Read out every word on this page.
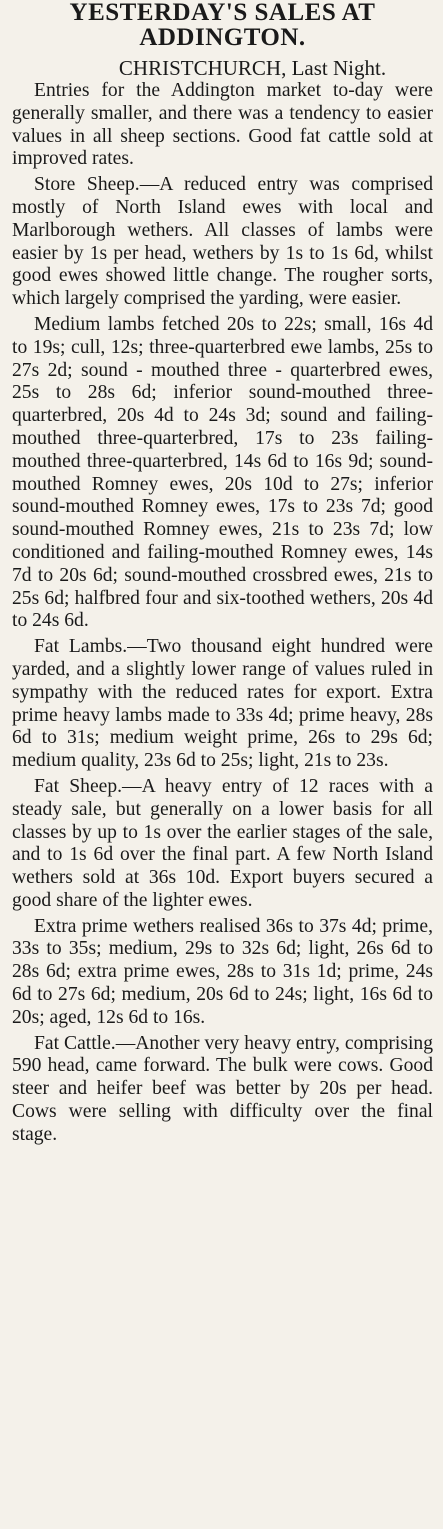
YESTERDAY'S SALES AT ADDINGTON.

CHRISTCHURCH, Last Night.

Entries for the Addington market to-day were generally smaller, and there was a tendency to easier values in all sheep sections. Good fat cattle sold at improved rates.

Store Sheep.—A reduced entry was comprised mostly of North Island ewes with local and Marlborough wethers. All classes of lambs were easier by 1s per head, wethers by 1s to 1s 6d, whilst good ewes showed little change. The rougher sorts, which largely comprised the yarding, were easier.

Medium lambs fetched 20s to 22s; small, 16s 4d to 19s; cull, 12s; three-quarterbred ewe lambs, 25s to 27s 2d; sound - mouthed three - quarterbred ewes, 25s to 28s 6d; inferior sound-mouthed three-quarterbred, 20s 4d to 24s 3d; sound and failing-mouthed three-quarterbred, 17s to 23s failing-mouthed three-quarterbred, 14s 6d to 16s 9d; sound-mouthed Romney ewes, 20s 10d to 27s; inferior sound-mouthed Romney ewes, 17s to 23s 7d; good sound-mouthed Romney ewes, 21s to 23s 7d; low conditioned and failing-mouthed Romney ewes, 14s 7d to 20s 6d; sound-mouthed crossbred ewes, 21s to 25s 6d; halfbred four and six-toothed wethers, 20s 4d to 24s 6d.

Fat Lambs.—Two thousand eight hundred were yarded, and a slightly lower range of values ruled in sympathy with the reduced rates for export. Extra prime heavy lambs made to 33s 4d; prime heavy, 28s 6d to 31s; medium weight prime, 26s to 29s 6d; medium quality, 23s 6d to 25s; light, 21s to 23s.

Fat Sheep.—A heavy entry of 12 races with a steady sale, but generally on a lower basis for all classes by up to 1s over the earlier stages of the sale, and to 1s 6d over the final part. A few North Island wethers sold at 36s 10d. Export buyers secured a good share of the lighter ewes.

Extra prime wethers realised 36s to 37s 4d; prime, 33s to 35s; medium, 29s to 32s 6d; light, 26s 6d to 28s 6d; extra prime ewes, 28s to 31s 1d; prime, 24s 6d to 27s 6d; medium, 20s 6d to 24s; light, 16s 6d to 20s; aged, 12s 6d to 16s.

Fat Cattle.—Another very heavy entry, comprising 590 head, came forward. The bulk were cows. Good steer and heifer beef was better by 20s per head. Cows were selling with difficulty over the final stage.
